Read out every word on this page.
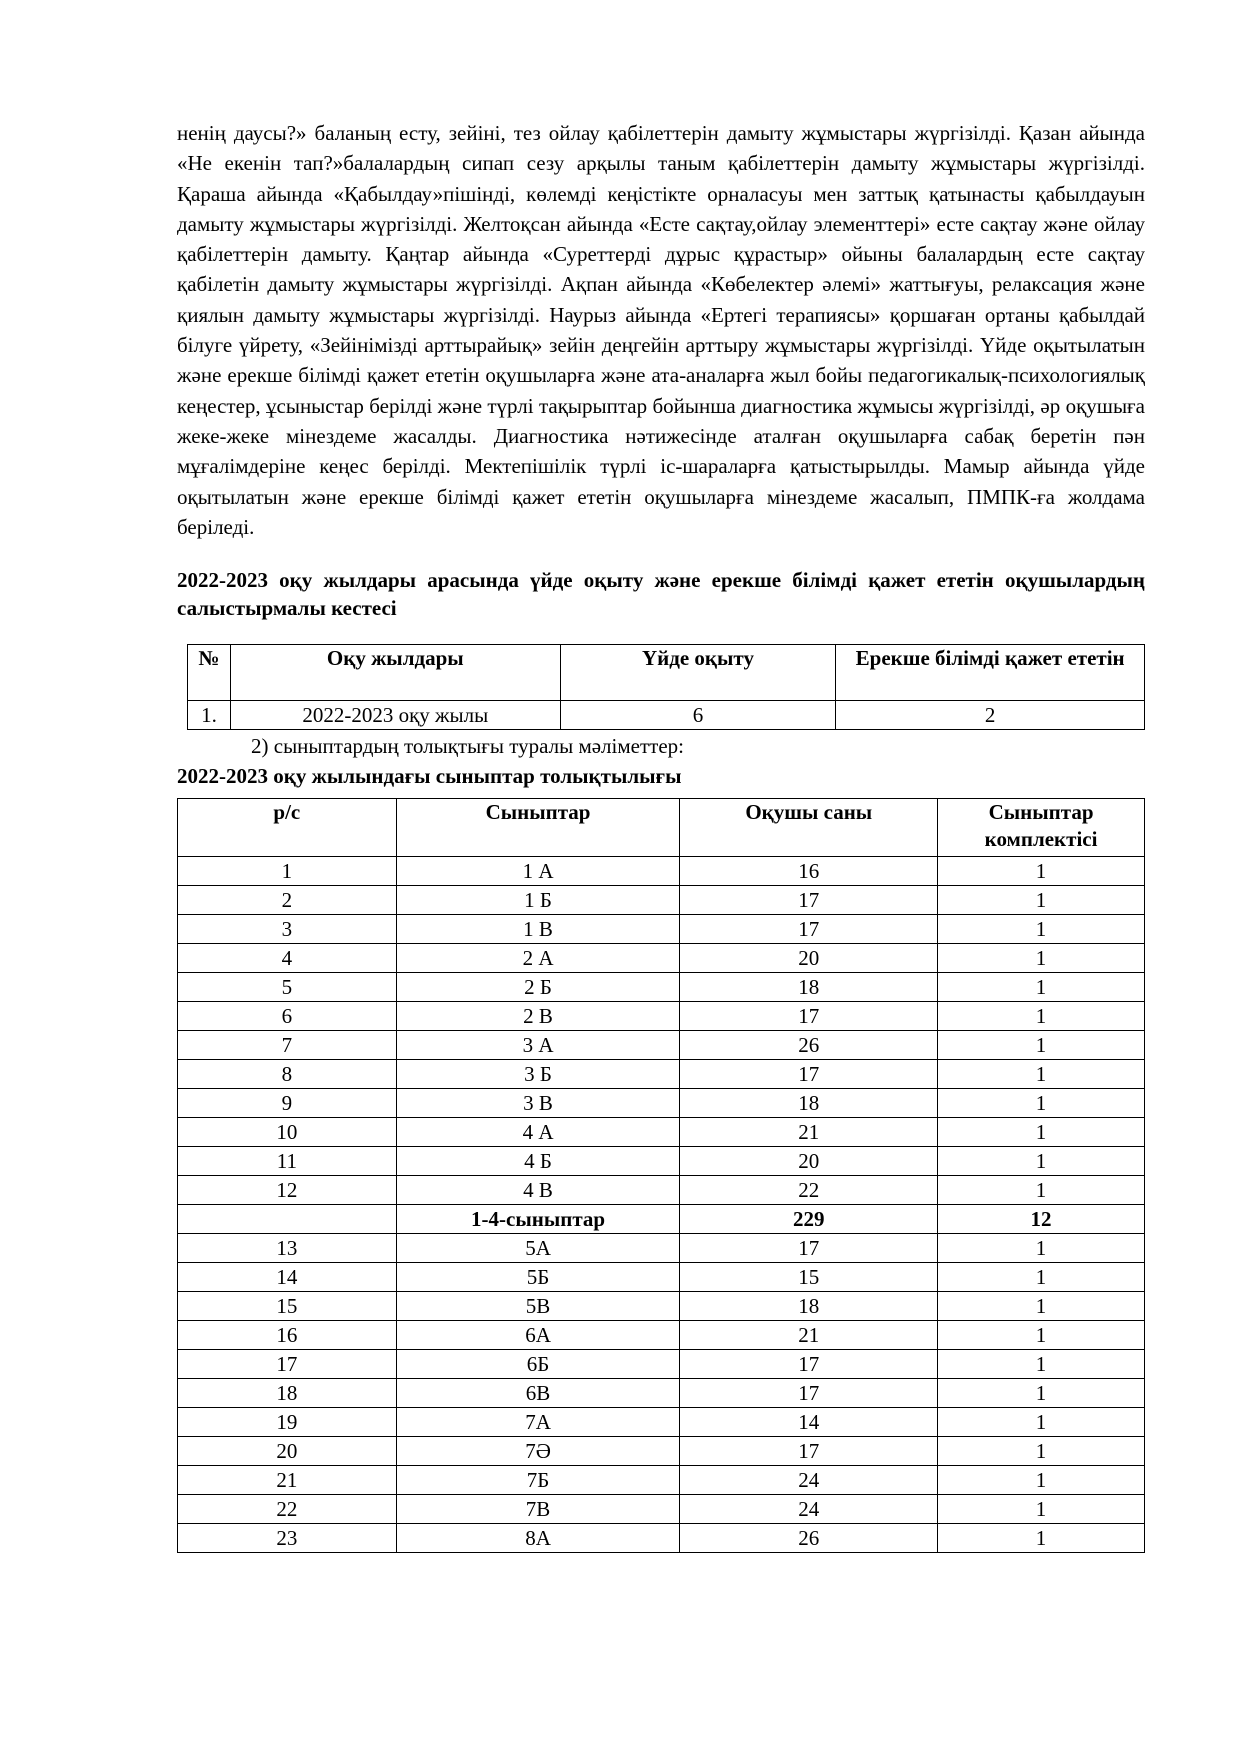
ненің даусы?» баланың есту, зейіні, тез ойлау қабілеттерін дамыту жұмыстары жүргізілді. Қазан айында «Не екенін тап?»балалардың сипап сезу арқылы таным қабілеттерін дамыту жұмыстары жүргізілді. Қараша айында «Қабылдау»пішінді, көлемді кеңістікте орналасуы мен заттық қатынасты қабылдауын дамыту жұмыстары жүргізілді. Желтоқсан айында «Есте сақтау,ойлау элементтері» есте сақтау және ойлау қабілеттерін дамыту. Қаңтар айында «Суреттерді дұрыс құрастыр» ойыны балалардың есте сақтау қабілетін дамыту жұмыстары жүргізілді. Ақпан айында «Көбелектер әлемі» жаттығуы, релаксация және қиялын дамыту жұмыстары жүргізілді. Наурыз айында «Ертегі терапиясы» қоршаған ортаны қабылдай білуге үйрету, «Зейінімізді арттырайық» зейін деңгейін арттыру жұмыстары жүргізілді. Үйде оқытылатын және ерекше білімді қажет ететін оқушыларға және ата-аналарға жыл бойы педагогикалық-психологиялық кеңестер, ұсыныстар берілді және түрлі тақырыптар бойынша диагностика жұмысы жүргізілді, әр оқушыға жеке-жеке мінездеме жасалды. Диагностика нәтижесінде аталған оқушыларға сабақ беретін пән мұғалімдеріне кеңес берілді. Мектепішілік түрлі іс-шараларға қатыстырылды. Мамыр айында үйде оқытылатын және ерекше білімді қажет ететін оқушыларға мінездеме жасалып, ПМПК-ға жолдама беріледі.

2022-2023 оқу жылдары арасында үйде оқыту және ерекше білімді қажет ететін оқушылардың салыстырмалы кестесі

№	Оқу жылдары	Үйде оқыту	Ерекше білімді қажет ететін
1.	2022-2023 оқу жылы	6	2

2) сыныптардың толықтығы туралы мәліметтер:

2022-2023 оқу жылындағы сыныптар толықтылығы

р/с	Сыныптар	Оқушы саны	Сыныптар комплектісі
1	1 А	16	1
2	1 Б	17	1
3	1 В	17	1
4	2 А	20	1
5	2 Б	18	1
6	2 В	17	1
7	3 А	26	1
8	3 Б	17	1
9	3 В	18	1
10	4 А	21	1
11	4 Б	20	1
12	4 В	22	1
	1-4-сыныптар	229	12
13	5А	17	1
14	5Б	15	1
15	5В	18	1
16	6А	21	1
17	6Б	17	1
18	6В	17	1
19	7А	14	1
20	7Ә	17	1
21	7Б	24	1
22	7В	24	1
23	8А	26	1
